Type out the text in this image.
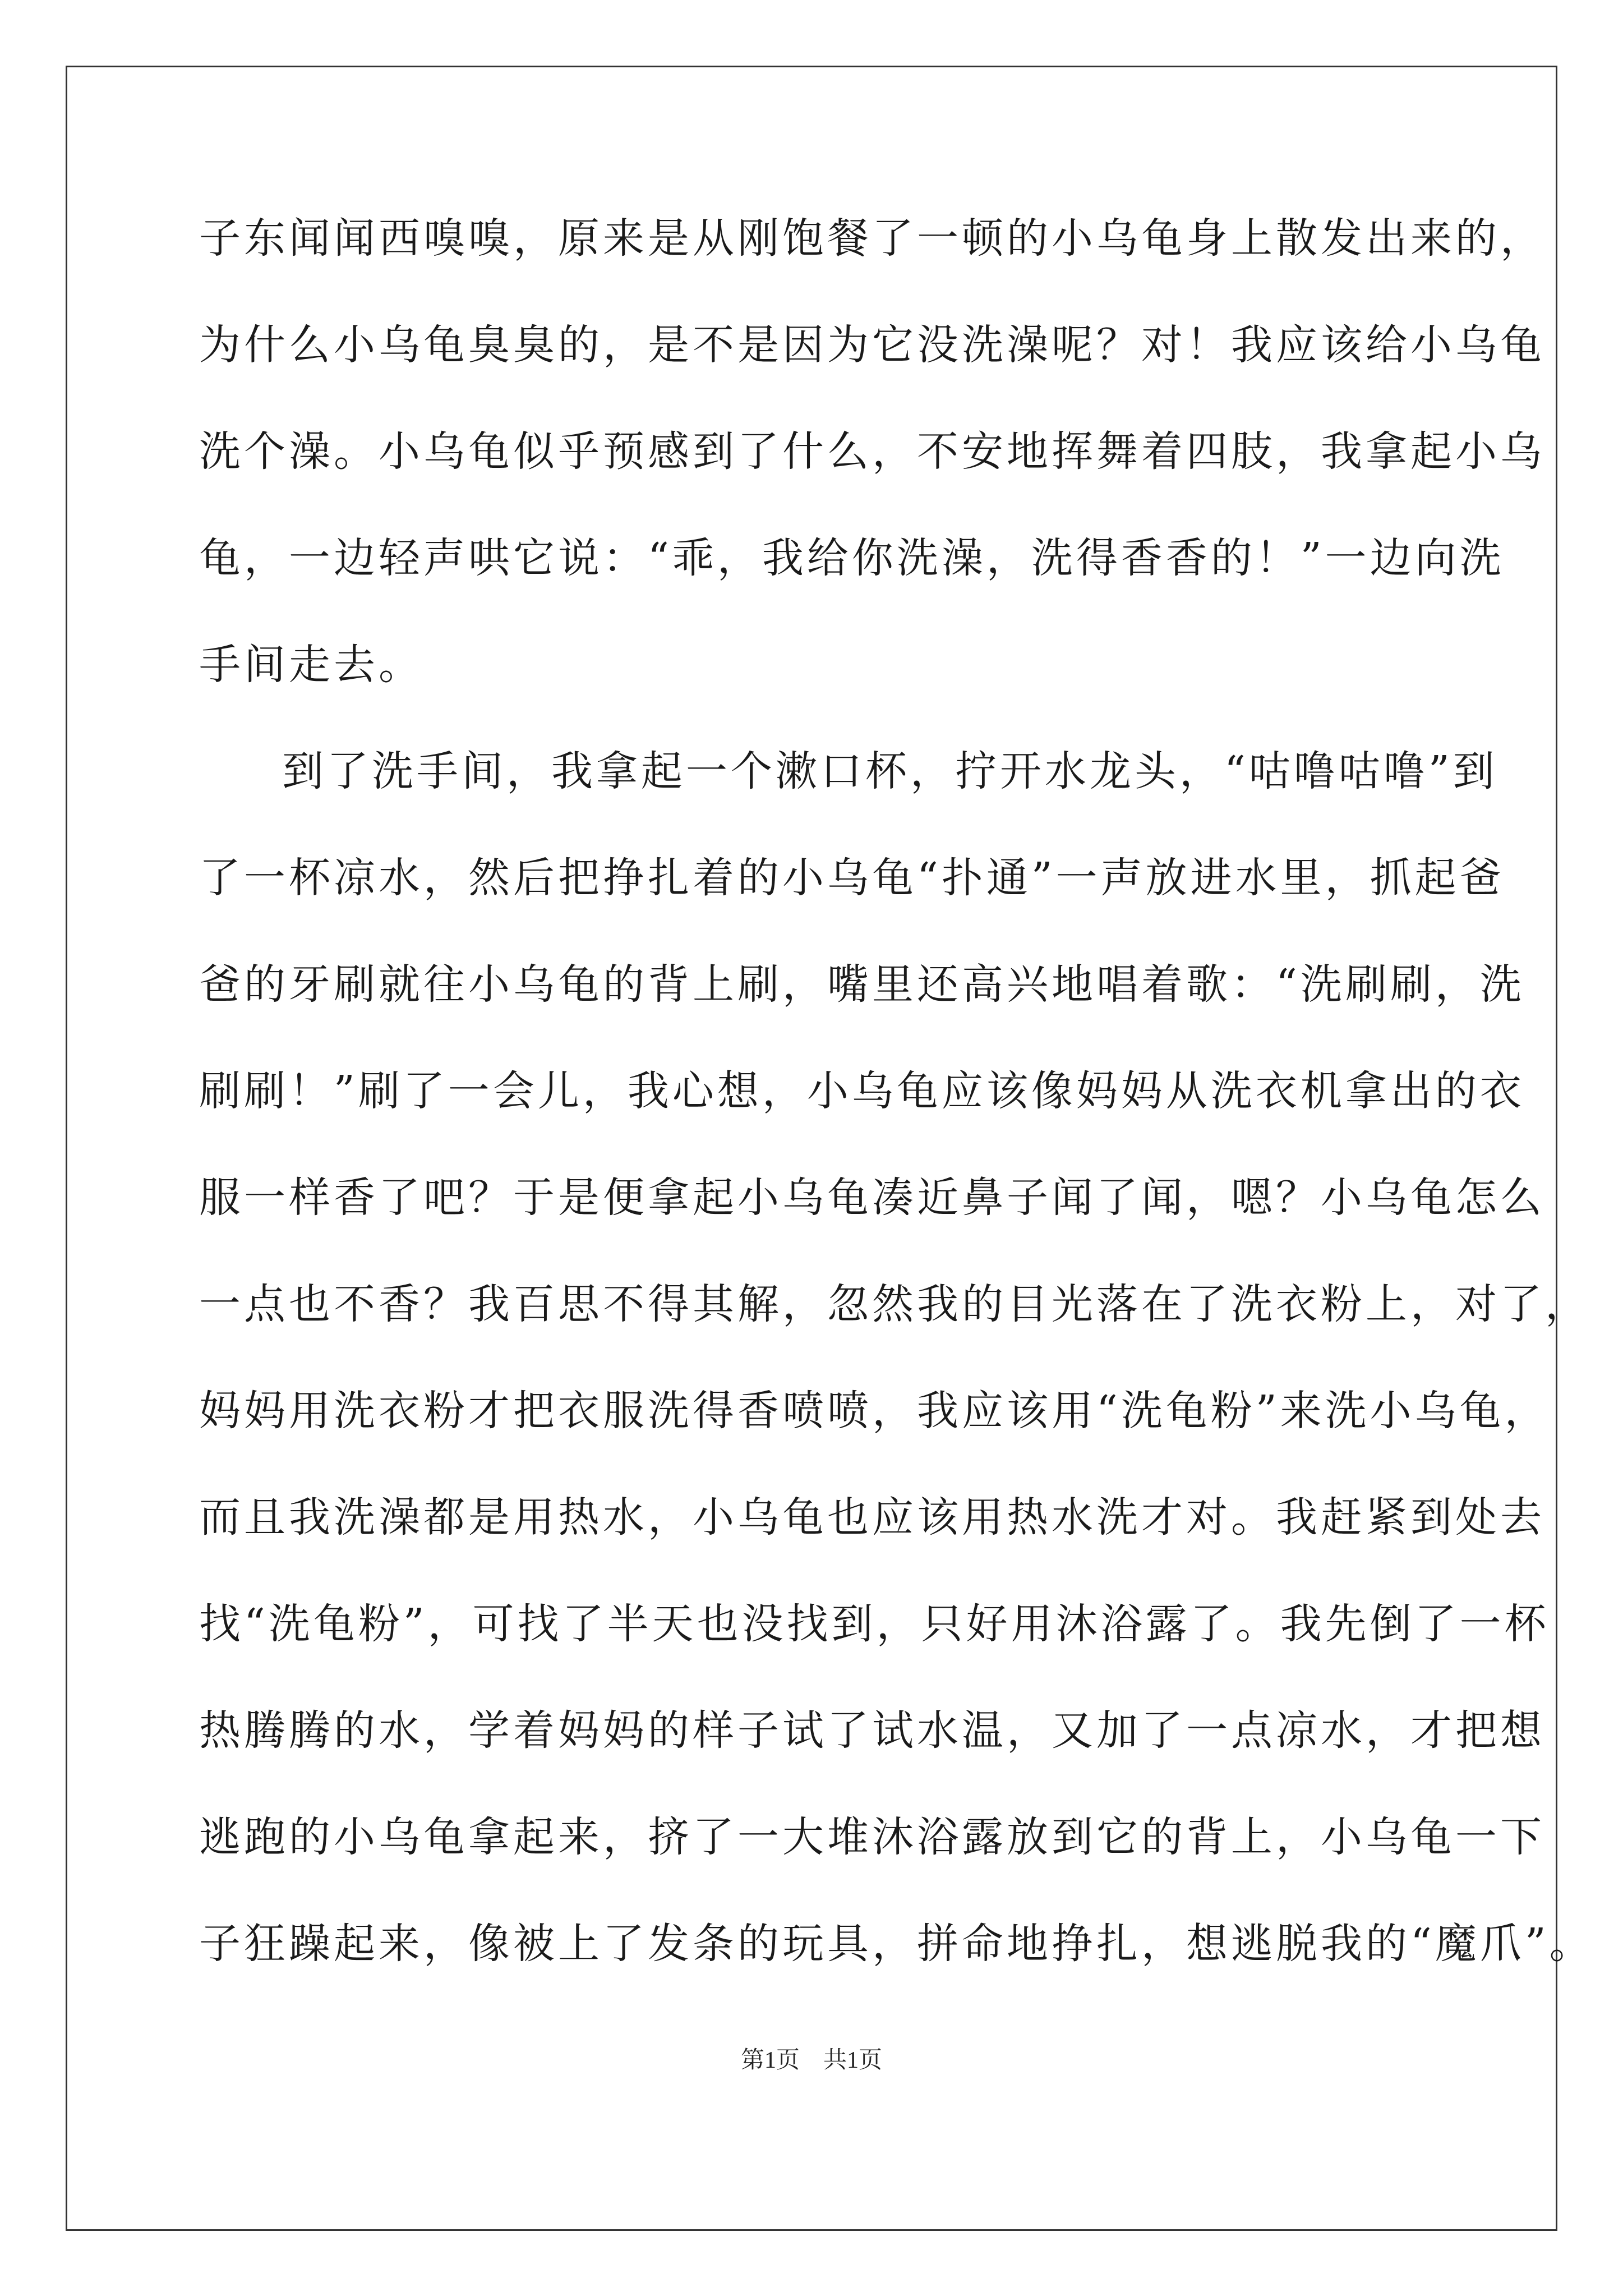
子东闻闻西嗅嗅，原来是从刚饱餐了一顿的小乌龟身上散发出来的，
为什么小乌龟臭臭的，是不是因为它没洗澡呢？对！我应该给小乌龟
洗个澡。小乌龟似乎预感到了什么，不安地挥舞着四肢，我拿起小乌
龟，一边轻声哄它说：“乖，我给你洗澡，洗得香香的！”一边向洗
手间走去。
到了洗手间，我拿起一个漱口杯，拧开水龙头，“咕噜咕噜”到
了一杯凉水，然后把挣扎着的小乌龟“扑通”一声放进水里，抓起爸
爸的牙刷就往小乌龟的背上刷，嘴里还高兴地唱着歌：“洗刷刷，洗
刷刷！”刷了一会儿，我心想，小乌龟应该像妈妈从洗衣机拿出的衣
服一样香了吧？于是便拿起小乌龟凑近鼻子闻了闻，嗯？小乌龟怎么
一点也不香？我百思不得其解，忽然我的目光落在了洗衣粉上，对了，
妈妈用洗衣粉才把衣服洗得香喷喷，我应该用“洗龟粉”来洗小乌龟，
而且我洗澡都是用热水，小乌龟也应该用热水洗才对。我赶紧到处去
找“洗龟粉”，可找了半天也没找到，只好用沐浴露了。我先倒了一杯
热腾腾的水，学着妈妈的样子试了试水温，又加了一点凉水，才把想
逃跑的小乌龟拿起来，挤了一大堆沐浴露放到它的背上，小乌龟一下
子狂躁起来，像被上了发条的玩具，拼命地挣扎，想逃脱我的“魔爪”。
第1页　共1页
